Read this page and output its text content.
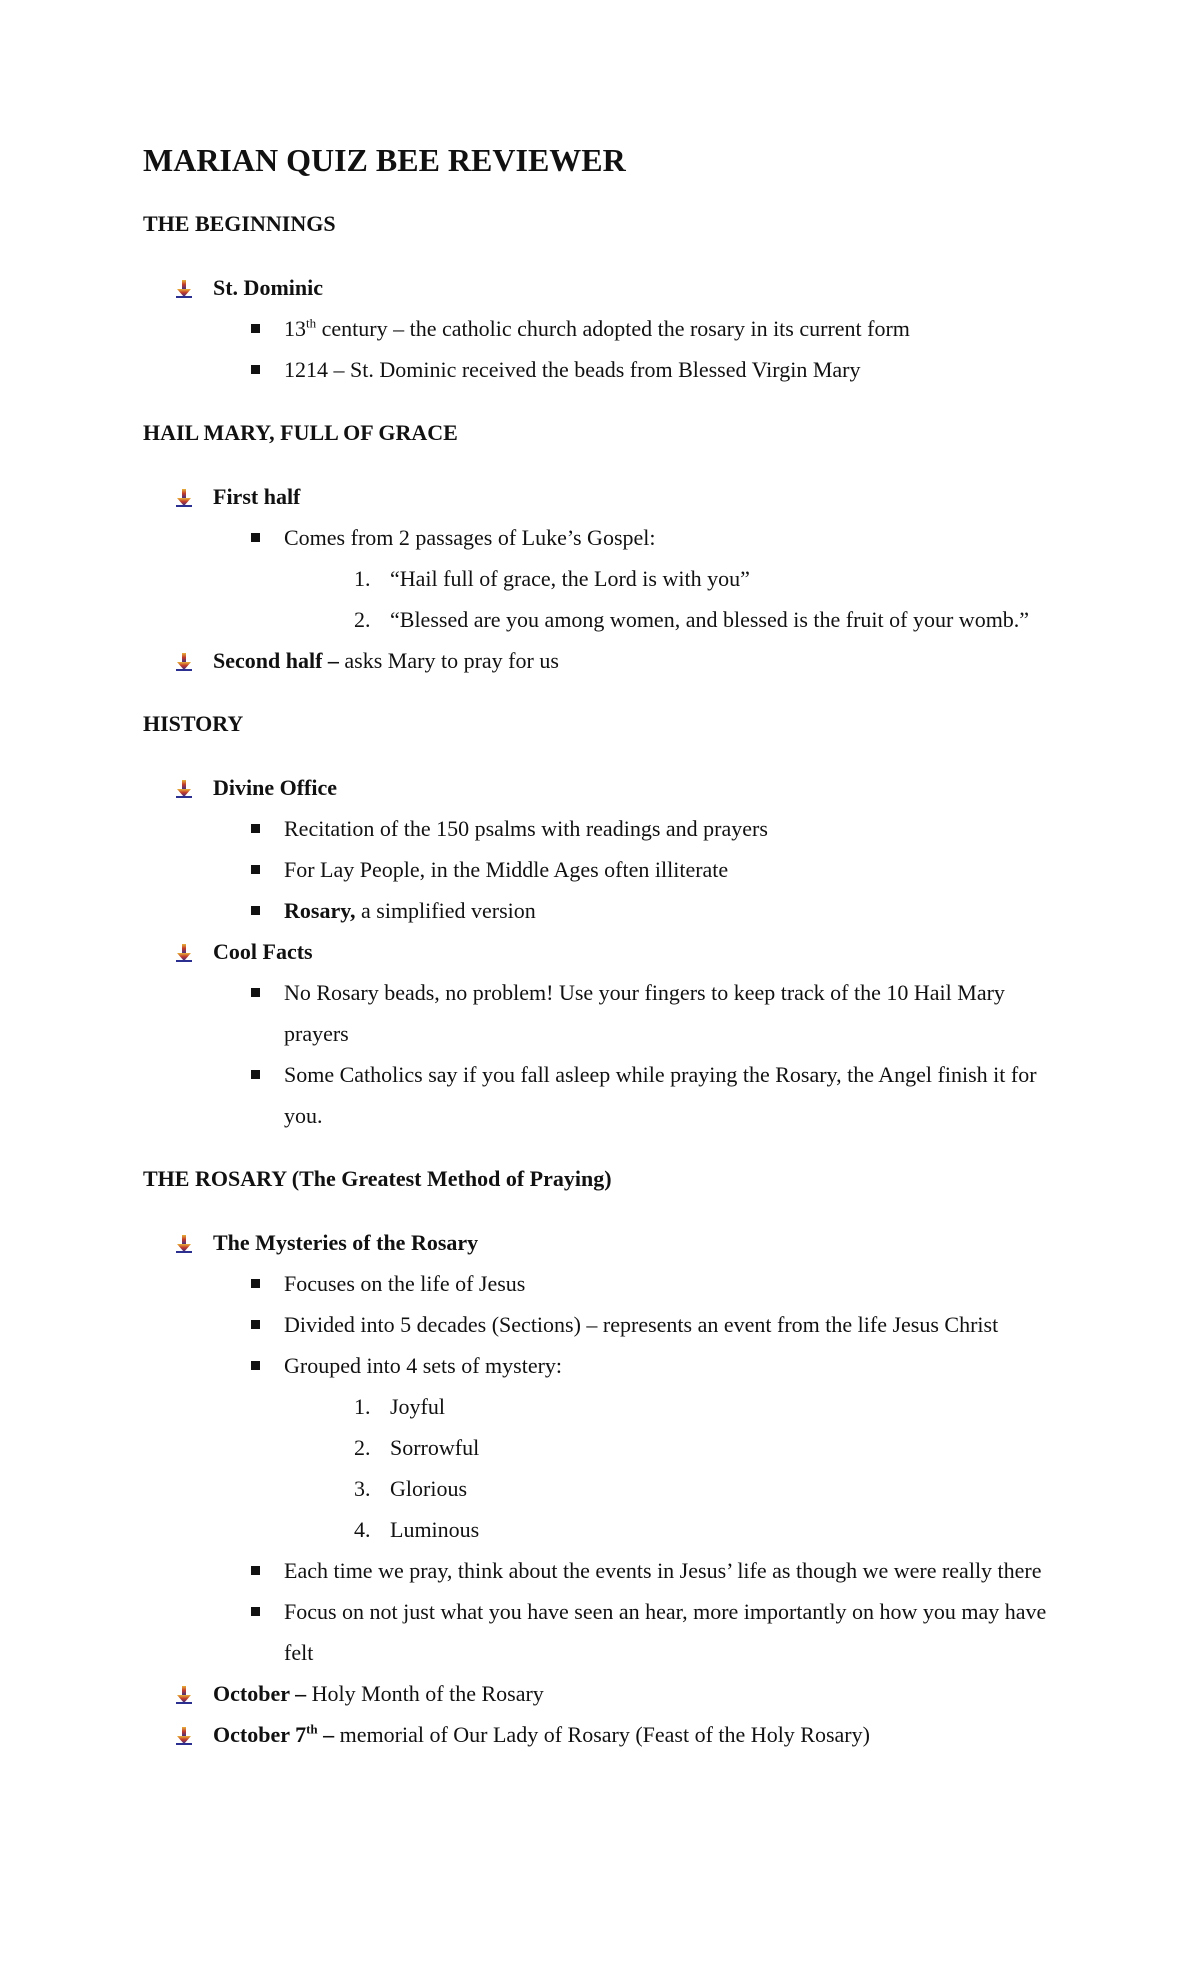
MARIAN QUIZ BEE REVIEWER
THE BEGINNINGS
St. Dominic
13th century – the catholic church adopted the rosary in its current form
1214 – St. Dominic received the beads from Blessed Virgin Mary
HAIL MARY, FULL OF GRACE
First half
Comes from 2 passages of Luke’s Gospel:
1. “Hail full of grace, the Lord is with you”
2. “Blessed are you among women, and blessed is the fruit of your womb.”
Second half – asks Mary to pray for us
HISTORY
Divine Office
Recitation of the 150 psalms with readings and prayers
For Lay People, in the Middle Ages often illiterate
Rosary, a simplified version
Cool Facts
No Rosary beads, no problem! Use your fingers to keep track of the 10 Hail Mary prayers
Some Catholics say if you fall asleep while praying the Rosary, the Angel finish it for you.
THE ROSARY (The Greatest Method of Praying)
The Mysteries of the Rosary
Focuses on the life of Jesus
Divided into 5 decades (Sections) – represents an event from the life Jesus Christ
Grouped into 4 sets of mystery:
1. Joyful
2. Sorrowful
3. Glorious
4. Luminous
Each time we pray, think about the events in Jesus’ life as though we were really there
Focus on not just what you have seen an hear, more importantly on how you may have felt
October – Holy Month of the Rosary
October 7th – memorial of Our Lady of Rosary (Feast of the Holy Rosary)
